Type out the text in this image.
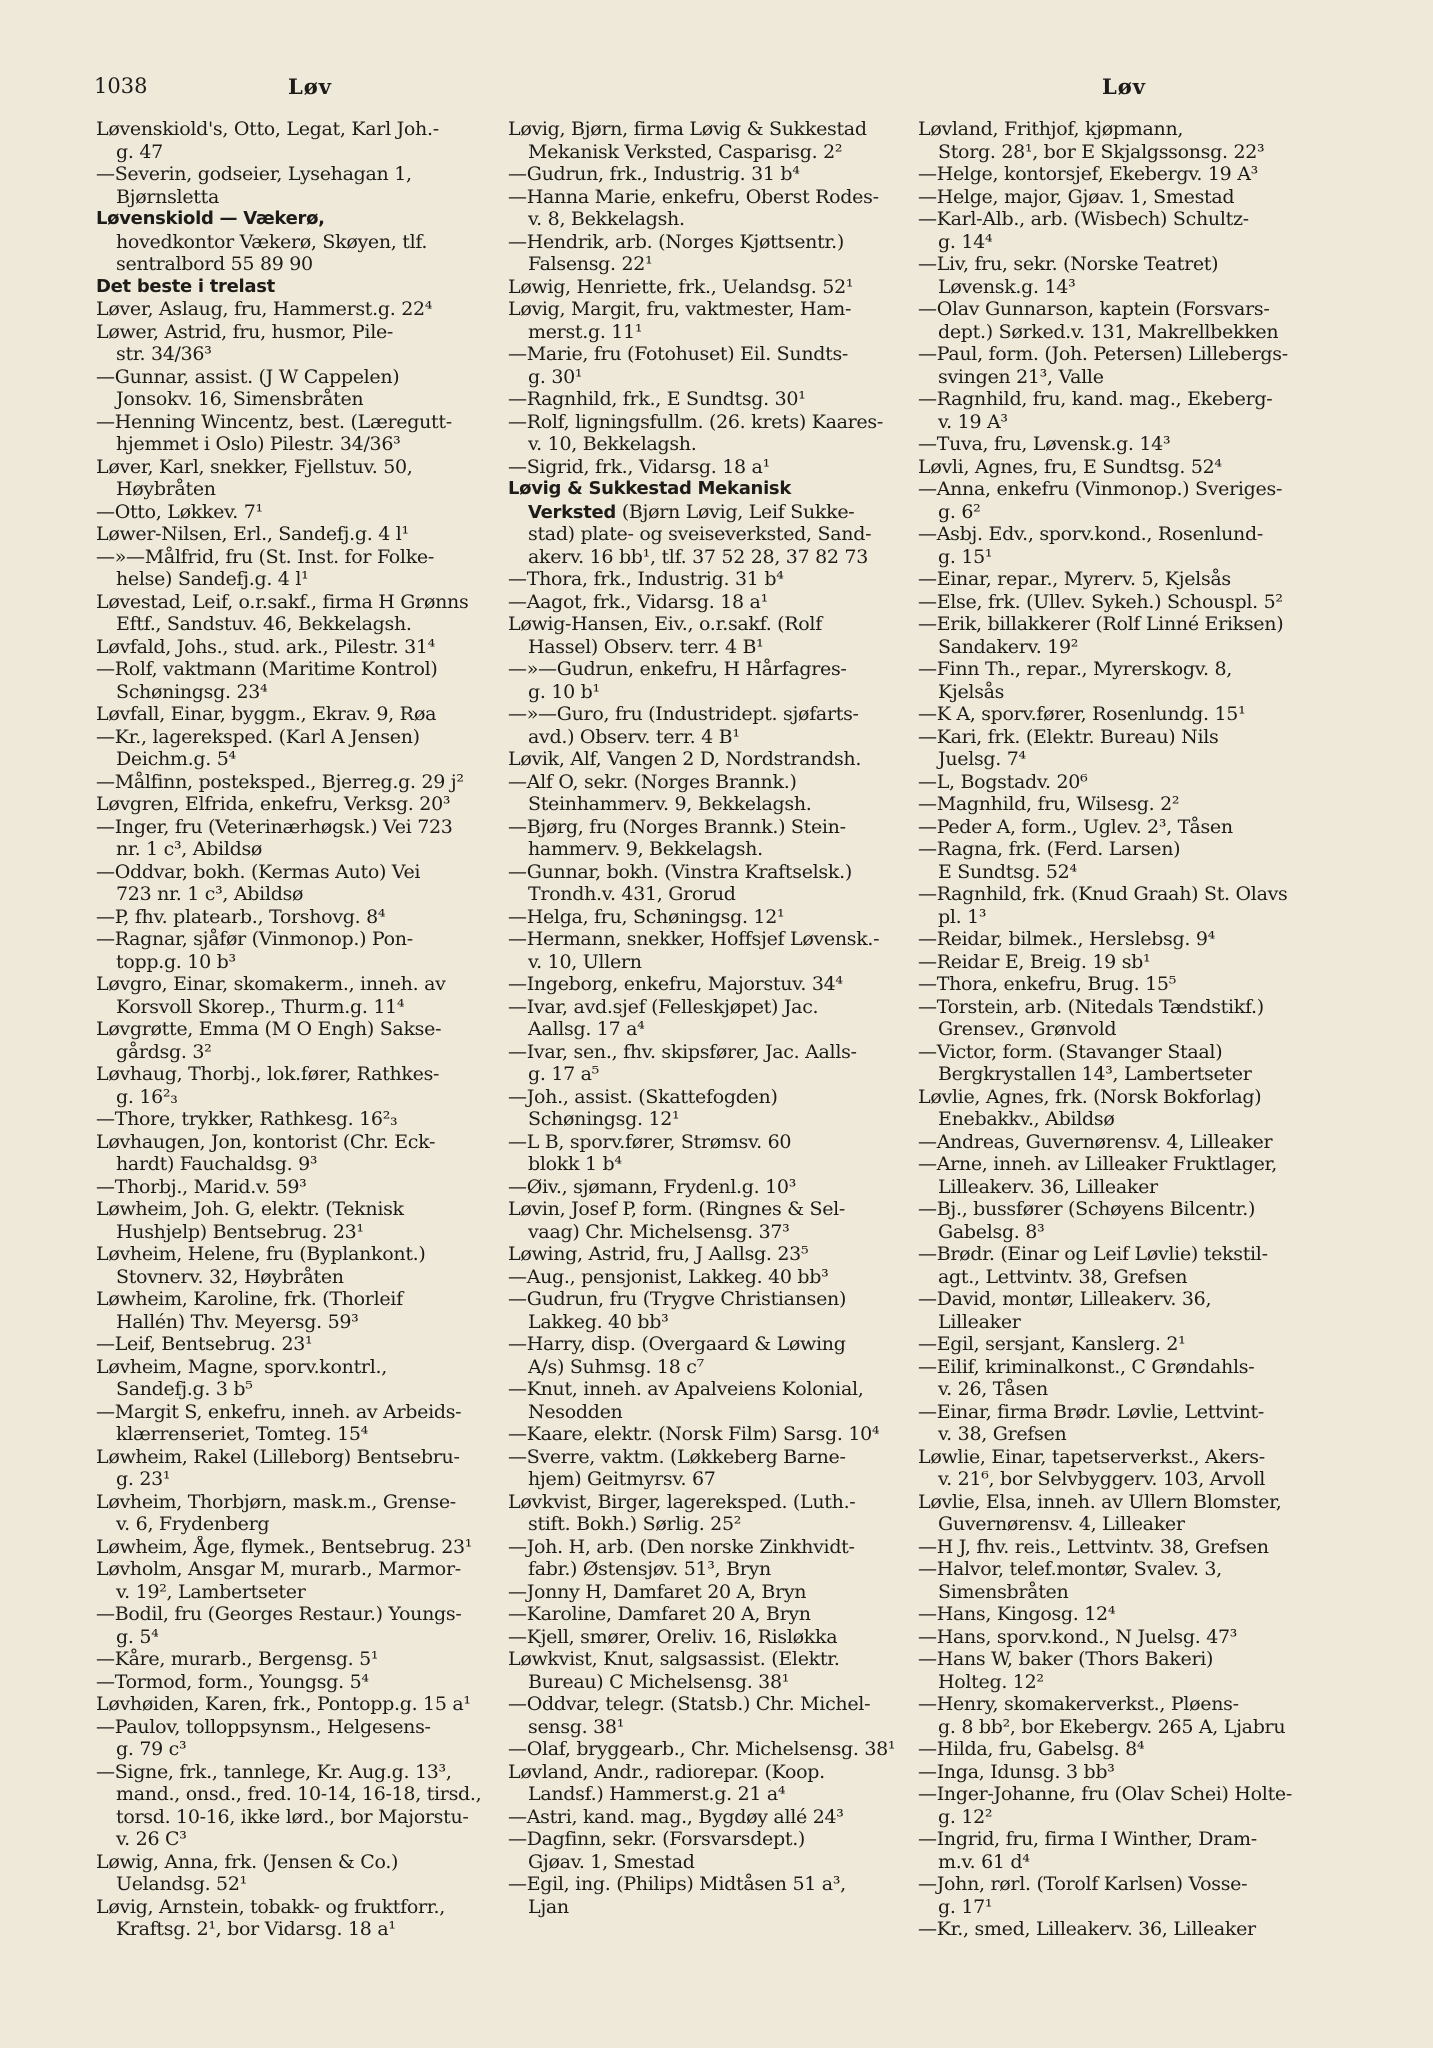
1038	Løv	Løv
Løvenskiold's, Otto, Legat, Karl Joh.-
g. 47
—Severin, godseier, Lysehagan 1,
Bjørnsletta
Løvenskiold — Vækerø,
hovedkontor Vækerø, Skøyen, tlf.
sentralbord 55 89 90
Det beste i trelast
Løver, Aslaug, fru, Hammerst.g. 22⁴
Løwer, Astrid, fru, husmor, Pile-
str. 34/36³
—Gunnar, assist. (J W Cappelen)
Jonsokv. 16, Simensbråten
—Henning Wincentz, best. (Læregutt-
hjemmet i Oslo) Pilestr. 34/36³
Løver, Karl, snekker, Fjellstuv. 50,
Høybråten
—Otto, Løkkev. 7¹
Løwer-Nilsen, Erl., Sandefj.g. 4 l¹
—»—Målfrid, fru (St. Inst. for Folke-
helse) Sandefj.g. 4 l¹
Løvestad, Leif, o.r.sakf., firma H Grønns
Eftf., Sandstuv. 46, Bekkelagsh.
Løvfald, Johs., stud. ark., Pilestr. 31⁴
—Rolf, vaktmann (Maritime Kontrol)
Schøningsg. 23⁴
Løvfall, Einar, byggm., Ekrav. 9, Røa
—Kr., lagereksped. (Karl A Jensen)
Deichm.g. 5⁴
—Målfinn, posteksped., Bjerreg.g. 29 j²
Løvgren, Elfrida, enkefru, Verksg. 20³
—Inger, fru (Veterinærhøgsk.) Vei 723
nr. 1 c³, Abildsø
—Oddvar, bokh. (Kermas Auto) Vei
723 nr. 1 c³, Abildsø
—P, fhv. platearb., Torshovg. 8⁴
—Ragnar, sjåfør (Vinmonop.) Pon-
topp.g. 10 b³
Løvgro, Einar, skomakerm., inneh. av
Korsvoll Skorep., Thurm.g. 11⁴
Løvgrøtte, Emma (M O Engh) Sakse-
gårdsg. 3²
Løvhaug, Thorbj., lok.fører, Rathkes-
g. 16²₃
—Thore, trykker, Rathkesg. 16²₃
Løvhaugen, Jon, kontorist (Chr. Eck-
hardt) Fauchaldsg. 9³
—Thorbj., Marid.v. 59³
Løwheim, Joh. G, elektr. (Teknisk
Hushjelp) Bentsebrug. 23¹
Løvheim, Helene, fru (Byplankont.)
Stovnerv. 32, Høybråten
Løwheim, Karoline, frk. (Thorleif
Hallén) Thv. Meyersg. 59³
—Leif, Bentsebrug. 23¹
Løvheim, Magne, sporv.kontrl.,
Sandefj.g. 3 b⁵
—Margit S, enkefru, inneh. av Arbeids-
klærrenseriet, Tomteg. 15⁴
Løwheim, Rakel (Lilleborg) Bentsebru-
g. 23¹
Løvheim, Thorbjørn, mask.m., Grense-
v. 6, Frydenberg
Løwheim, Åge, flymek., Bentsebrug. 23¹
Løvholm, Ansgar M, murarb., Marmor-
v. 19², Lambertseter
—Bodil, fru (Georges Restaur.) Youngs-
g. 5⁴
—Kåre, murarb., Bergensg. 5¹
—Tormod, form., Youngsg. 5⁴
Løvhøiden, Karen, frk., Pontopp.g. 15 a¹
—Paulov, tolloppsynsm., Helgesens-
g. 79 c³
—Signe, frk., tannlege, Kr. Aug.g. 13³,
mand., onsd., fred. 10-14, 16-18, tirsd.,
torsd. 10-16, ikke lørd., bor Majorstu-
v. 26 C³
Løwig, Anna, frk. (Jensen & Co.)
Uelandsg. 52¹
Løvig, Arnstein, tobakk- og fruktforr.,
Kraftsg. 2¹, bor Vidarsg. 18 a¹
Løvig, Bjørn, firma Løvig & Sukkestad
Mekanisk Verksted, Casparisg. 2²
—Gudrun, frk., Industrig. 31 b⁴
—Hanna Marie, enkefru, Oberst Rodes-
v. 8, Bekkelagsh.
—Hendrik, arb. (Norges Kjøttsentr.)
Falsensg. 22¹
Løwig, Henriette, frk., Uelandsg. 52¹
Løvig, Margit, fru, vaktmester, Ham-
merst.g. 11¹
—Marie, fru (Fotohuset) Eil. Sundts-
g. 30¹
—Ragnhild, frk., E Sundtsg. 30¹
—Rolf, ligningsfullm. (26. krets) Kaares-
v. 10, Bekkelagsh.
—Sigrid, frk., Vidarsg. 18 a¹
Løvig & Sukkestad Mekanisk
Verksted (Bjørn Løvig, Leif Sukke-
stad) plate- og sveiseverksted, Sand-
akerv. 16 bb¹, tlf. 37 52 28, 37 82 73
—Thora, frk., Industrig. 31 b⁴
—Aagot, frk., Vidarsg. 18 a¹
Løwig-Hansen, Eiv., o.r.sakf. (Rolf
Hassel) Observ. terr. 4 B¹
—»—Gudrun, enkefru, H Hårfagres-
g. 10 b¹
—»—Guro, fru (Industridept. sjøfarts-
avd.) Observ. terr. 4 B¹
Løvik, Alf, Vangen 2 D, Nordstrandsh.
—Alf O, sekr. (Norges Brannk.)
Steinhammerv. 9, Bekkelagsh.
—Bjørg, fru (Norges Brannk.) Stein-
hammerv. 9, Bekkelagsh.
—Gunnar, bokh. (Vinstra Kraftselsk.)
Trondh.v. 431, Grorud
—Helga, fru, Schøningsg. 12¹
—Hermann, snekker, Hoffsjef Løvensk.-
v. 10, Ullern
—Ingeborg, enkefru, Majorstuv. 34⁴
—Ivar, avd.sjef (Felleskjøpet) Jac.
Aallsg. 17 a⁴
—Ivar, sen., fhv. skipsfører, Jac. Aalls-
g. 17 a⁵
—Joh., assist. (Skattefogden)
Schøningsg. 12¹
—L B, sporv.fører, Strømsv. 60
blokk 1 b⁴
—Øiv., sjømann, Frydenl.g. 10³
Løvin, Josef P, form. (Ringnes & Sel-
vaag) Chr. Michelsensg. 37³
Løwing, Astrid, fru, J Aallsg. 23⁵
—Aug., pensjonist, Lakkeg. 40 bb³
—Gudrun, fru (Trygve Christiansen)
Lakkeg. 40 bb³
—Harry, disp. (Overgaard & Løwing
A/s) Suhmsg. 18 c⁷
—Knut, inneh. av Apalveiens Kolonial,
Nesodden
—Kaare, elektr. (Norsk Film) Sarsg. 10⁴
—Sverre, vaktm. (Løkkeberg Barne-
hjem) Geitmyrsv. 67
Løvkvist, Birger, lagereksped. (Luth.-
stift. Bokh.) Sørlig. 25²
—Joh. H, arb. (Den norske Zinkhvidt-
fabr.) Østensjøv. 51³, Bryn
—Jonny H, Damfaret 20 A, Bryn
—Karoline, Damfaret 20 A, Bryn
—Kjell, smører, Oreliv. 16, Risløkka
Løwkvist, Knut, salgsassist. (Elektr.
Bureau) C Michelsensg. 38¹
—Oddvar, telegr. (Statsb.) Chr. Michel-
sensg. 38¹
—Olaf, bryggearb., Chr. Michelsensg. 38¹
Løvland, Andr., radiorepar. (Koop.
Landsf.) Hammerst.g. 21 a⁴
—Astri, kand. mag., Bygdøy allé 24³
—Dagfinn, sekr. (Forsvarsdept.)
Gjøav. 1, Smestad
—Egil, ing. (Philips) Midtåsen 51 a³,
Ljan
Løvland, Frithjof, kjøpmann,
Storg. 28¹, bor E Skjalgssonsg. 22³
—Helge, kontorsjef, Ekebergv. 19 A³
—Helge, major, Gjøav. 1, Smestad
—Karl-Alb., arb. (Wisbech) Schultz-
g. 14⁴
—Liv, fru, sekr. (Norske Teatret)
Løvensk.g. 14³
—Olav Gunnarson, kaptein (Forsvars-
dept.) Sørked.v. 131, Makrellbekken
—Paul, form. (Joh. Petersen) Lillebergs-
svingen 21³, Valle
—Ragnhild, fru, kand. mag., Ekeberg-
v. 19 A³
—Tuva, fru, Løvensk.g. 14³
Løvli, Agnes, fru, E Sundtsg. 52⁴
—Anna, enkefru (Vinmonop.) Sveriges-
g. 6²
—Asbj. Edv., sporv.kond., Rosenlund-
g. 15¹
—Einar, repar., Myrerv. 5, Kjelsås
—Else, frk. (Ullev. Sykeh.) Schouspl. 5²
—Erik, billakkerer (Rolf Linné Eriksen)
Sandakerv. 19²
—Finn Th., repar., Myrerskogv. 8,
Kjelsås
—K A, sporv.fører, Rosenlundg. 15¹
—Kari, frk. (Elektr. Bureau) Nils
Juelsg. 7⁴
—L, Bogstadv. 20⁶
—Magnhild, fru, Wilsesg. 2²
—Peder A, form., Uglev. 2³, Tåsen
—Ragna, frk. (Ferd. Larsen)
E Sundtsg. 52⁴
—Ragnhild, frk. (Knud Graah) St. Olavs
pl. 1³
—Reidar, bilmek., Herslebsg. 9⁴
—Reidar E, Breig. 19 sb¹
—Thora, enkefru, Brug. 15⁵
—Torstein, arb. (Nitedals Tændstikf.)
Grensev., Grønvold
—Victor, form. (Stavanger Staal)
Bergkrystallen 14³, Lambertseter
Løvlie, Agnes, frk. (Norsk Bokforlag)
Enebakkv., Abildsø
—Andreas, Guvernørensv. 4, Lilleaker
—Arne, inneh. av Lilleaker Fruktlager,
Lilleakerv. 36, Lilleaker
—Bj., bussfører (Schøyens Bilcentr.)
Gabelsg. 8³
—Brødr. (Einar og Leif Løvlie) tekstil-
agt., Lettvintv. 38, Grefsen
—David, montør, Lilleakerv. 36,
Lilleaker
—Egil, sersjant, Kanslerg. 2¹
—Eilif, kriminalkonst., C Grøndahls-
v. 26, Tåsen
—Einar, firma Brødr. Løvlie, Lettvint-
v. 38, Grefsen
Løwlie, Einar, tapetserverkst., Akers-
v. 21⁶, bor Selvbyggerv. 103, Arvoll
Løvlie, Elsa, inneh. av Ullern Blomster,
Guvernørensv. 4, Lilleaker
—H J, fhv. reis., Lettvintv. 38, Grefsen
—Halvor, telef.montør, Svalev. 3,
Simensbråten
—Hans, Kingosg. 12⁴
—Hans, sporv.kond., N Juelsg. 47³
—Hans W, baker (Thors Bakeri)
Holteg. 12²
—Henry, skomakerverkst., Pløens-
g. 8 bb², bor Ekebergv. 265 A, Ljabru
—Hilda, fru, Gabelsg. 8⁴
—Inga, Idunsg. 3 bb³
—Inger-Johanne, fru (Olav Schei) Holte-
g. 12²
—Ingrid, fru, firma I Winther, Dram-
m.v. 61 d⁴
—John, rørl. (Torolf Karlsen) Vosse-
g. 17¹
—Kr., smed, Lilleakerv. 36, Lilleaker
